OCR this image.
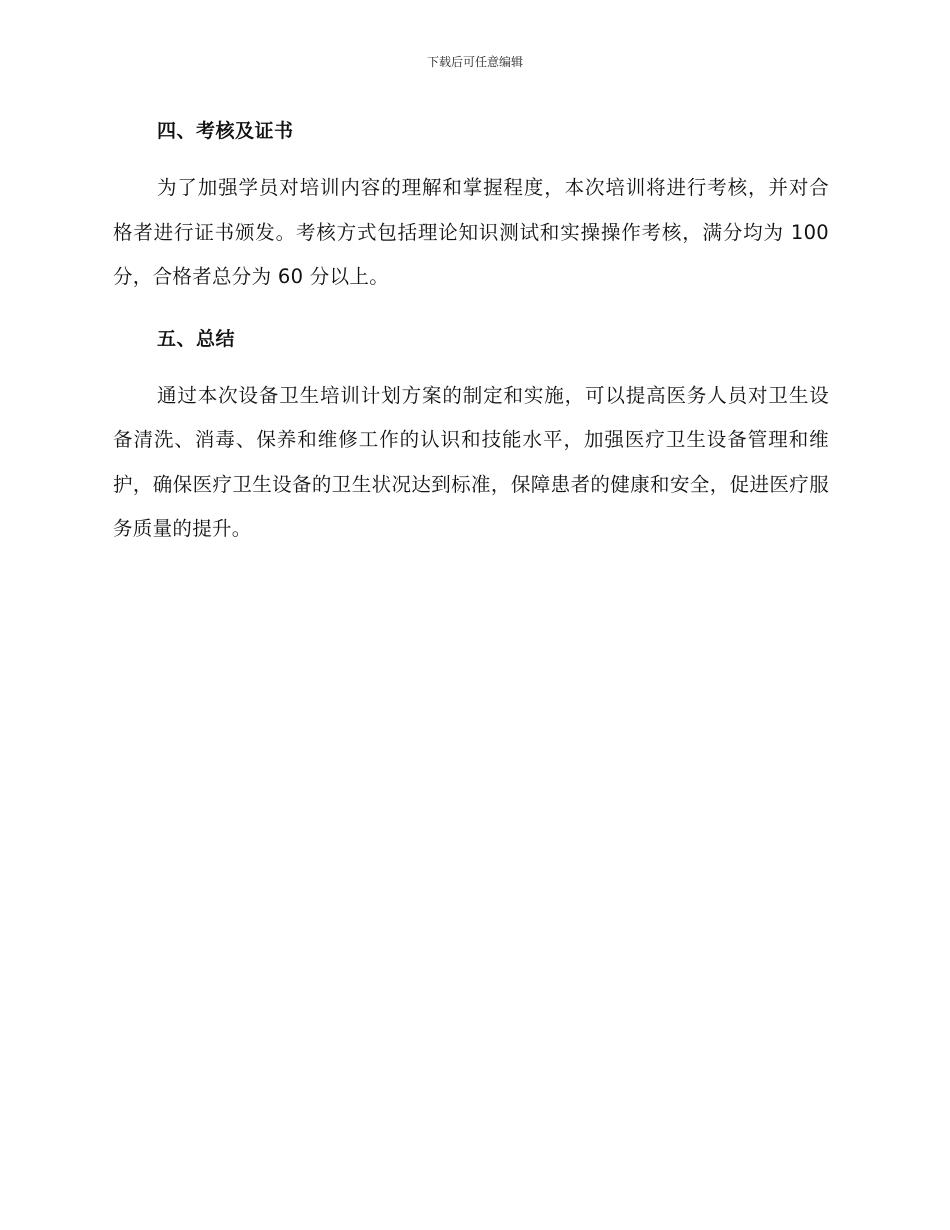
下载后可任意编辑
四、考核及证书

为了加强学员对培训内容的理解和掌握程度，本次培训将进行考核，并对合格者进行证书颁发。考核方式包括理论知识测试和实操操作考核，满分均为 100 分，合格者总分为 60 分以上。

五、总结

通过本次设备卫生培训计划方案的制定和实施，可以提高医务人员对卫生设备清洗、消毒、保养和维修工作的认识和技能水平，加强医疗卫生设备管理和维护，确保医疗卫生设备的卫生状况达到标准，保障患者的健康和安全，促进医疗服务质量的提升。
